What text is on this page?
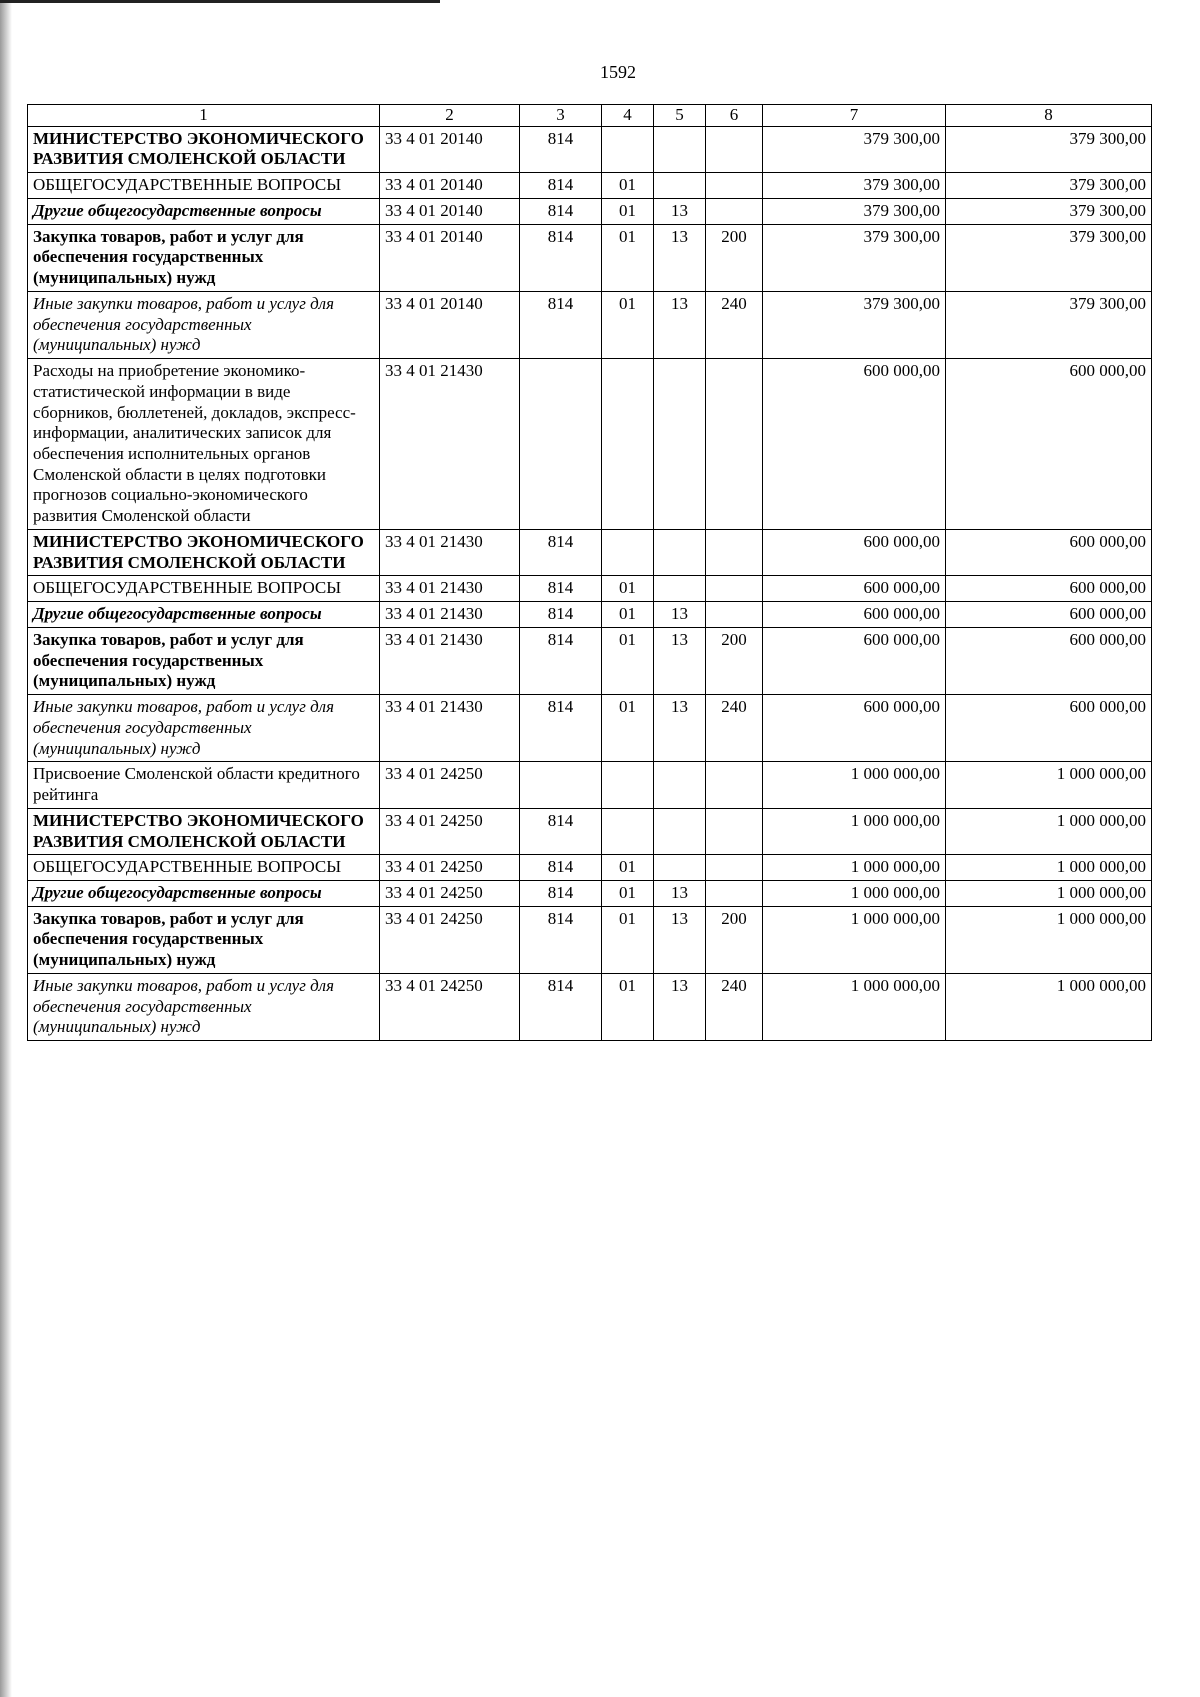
1592
1	2	3	4	5	6	7	8
МИНИСТЕРСТВО ЭКОНОМИЧЕСКОГО РАЗВИТИЯ СМОЛЕНСКОЙ ОБЛАСТИ	33 4 01 20140	814				379 300,00	379 300,00
ОБЩЕГОСУДАРСТВЕННЫЕ ВОПРОСЫ	33 4 01 20140	814	01			379 300,00	379 300,00
Другие общегосударственные вопросы	33 4 01 20140	814	01	13		379 300,00	379 300,00
Закупка товаров, работ и услуг для обеспечения государственных (муниципальных) нужд	33 4 01 20140	814	01	13	200	379 300,00	379 300,00
Иные закупки товаров, работ и услуг для обеспечения государственных (муниципальных) нужд	33 4 01 20140	814	01	13	240	379 300,00	379 300,00
Расходы на приобретение экономико-статистической информации в виде сборников, бюллетеней, докладов, экспресс-информации, аналитических записок для обеспечения исполнительных органов Смоленской области в целях подготовки прогнозов социально-экономического развития Смоленской области	33 4 01 21430					600 000,00	600 000,00
МИНИСТЕРСТВО ЭКОНОМИЧЕСКОГО РАЗВИТИЯ СМОЛЕНСКОЙ ОБЛАСТИ	33 4 01 21430	814				600 000,00	600 000,00
ОБЩЕГОСУДАРСТВЕННЫЕ ВОПРОСЫ	33 4 01 21430	814	01			600 000,00	600 000,00
Другие общегосударственные вопросы	33 4 01 21430	814	01	13		600 000,00	600 000,00
Закупка товаров, работ и услуг для обеспечения государственных (муниципальных) нужд	33 4 01 21430	814	01	13	200	600 000,00	600 000,00
Иные закупки товаров, работ и услуг для обеспечения государственных (муниципальных) нужд	33 4 01 21430	814	01	13	240	600 000,00	600 000,00
Присвоение Смоленской области кредитного рейтинга	33 4 01 24250					1 000 000,00	1 000 000,00
МИНИСТЕРСТВО ЭКОНОМИЧЕСКОГО РАЗВИТИЯ СМОЛЕНСКОЙ ОБЛАСТИ	33 4 01 24250	814				1 000 000,00	1 000 000,00
ОБЩЕГОСУДАРСТВЕННЫЕ ВОПРОСЫ	33 4 01 24250	814	01			1 000 000,00	1 000 000,00
Другие общегосударственные вопросы	33 4 01 24250	814	01	13		1 000 000,00	1 000 000,00
Закупка товаров, работ и услуг для обеспечения государственных (муниципальных) нужд	33 4 01 24250	814	01	13	200	1 000 000,00	1 000 000,00
Иные закупки товаров, работ и услуг для обеспечения государственных (муниципальных) нужд	33 4 01 24250	814	01	13	240	1 000 000,00	1 000 000,00
